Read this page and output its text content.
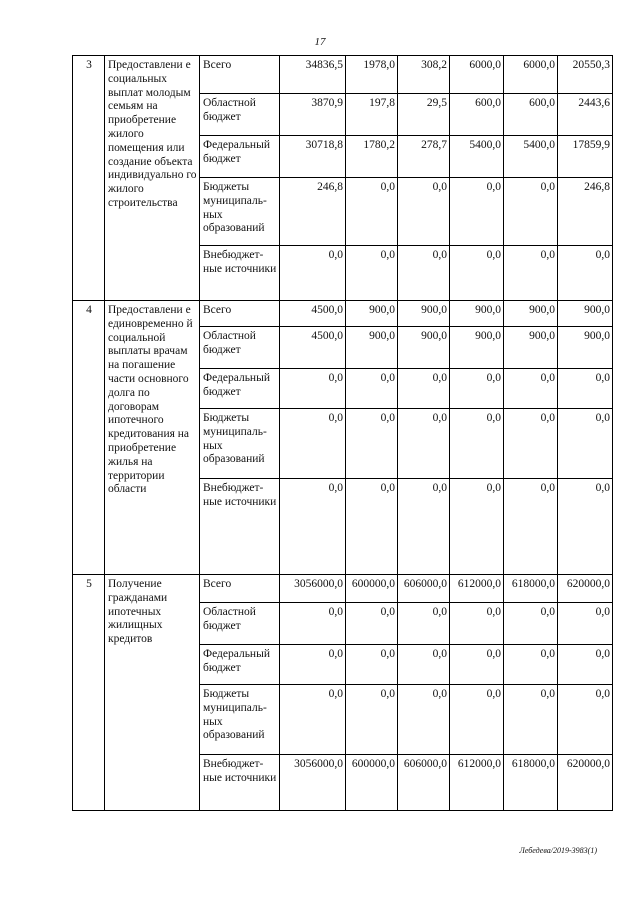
17
3	Предоставлени е социальных выплат молодым семьям на приобретение жилого помещения или создание объекта индивидуально го жилого строительства	Всего	34836,5	1978,0	308,2	6000,0	6000,0	20550,3
		Областной бюджет	3870,9	197,8	29,5	600,0	600,0	2443,6
		Федеральный бюджет	30718,8	1780,2	278,7	5400,0	5400,0	17859,9
		Бюджеты муниципаль-ных образований	246,8	0,0	0,0	0,0	0,0	246,8
		Внебюджет-ные источники	0,0	0,0	0,0	0,0	0,0	0,0
4	Предоставлени е единовременно й социальной выплаты врачам на погашение части основного долга по договорам ипотечного кредитования на приобретение жилья на территории области	Всего	4500,0	900,0	900,0	900,0	900,0	900,0
		Областной бюджет	4500,0	900,0	900,0	900,0	900,0	900,0
		Федеральный бюджет	0,0	0,0	0,0	0,0	0,0	0,0
		Бюджеты муниципаль-ных образований	0,0	0,0	0,0	0,0	0,0	0,0
		Внебюджет-ные источники	0,0	0,0	0,0	0,0	0,0	0,0
5	Получение гражданами ипотечных жилищных кредитов	Всего	3056000,0	600000,0	606000,0	612000,0	618000,0	620000,0
		Областной бюджет	0,0	0,0	0,0	0,0	0,0	0,0
		Федеральный бюджет	0,0	0,0	0,0	0,0	0,0	0,0
		Бюджеты муниципаль-ных образований	0,0	0,0	0,0	0,0	0,0	0,0
		Внебюджет-ные источники	3056000,0	600000,0	606000,0	612000,0	618000,0	620000,0
Лебедева/2019-3983(1)
